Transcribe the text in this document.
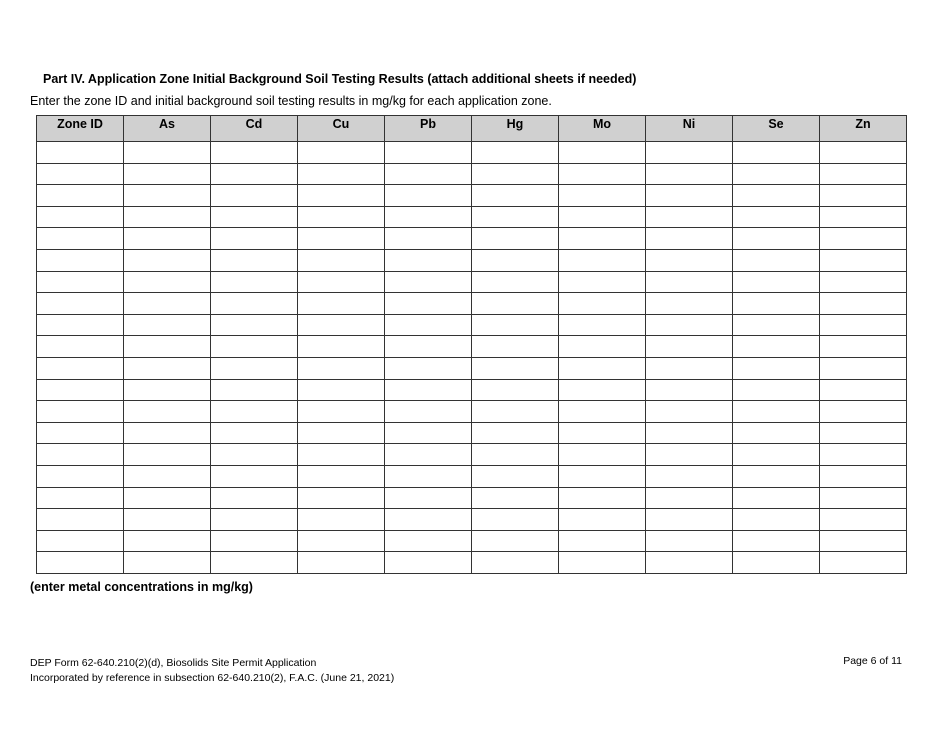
Part IV. Application Zone Initial Background Soil Testing Results (attach additional sheets if needed)
Enter the zone ID and initial background soil testing results in mg/kg for each application zone.
Zone ID	As	Cd	Cu	Pb	Hg	Mo	Ni	Se	Zn

(enter metal concentrations in mg/kg)
DEP Form 62-640.210(2)(d), Biosolids Site Permit Application
Incorporated by reference in subsection 62-640.210(2), F.A.C. (June 21, 2021)
Page 6 of 11
